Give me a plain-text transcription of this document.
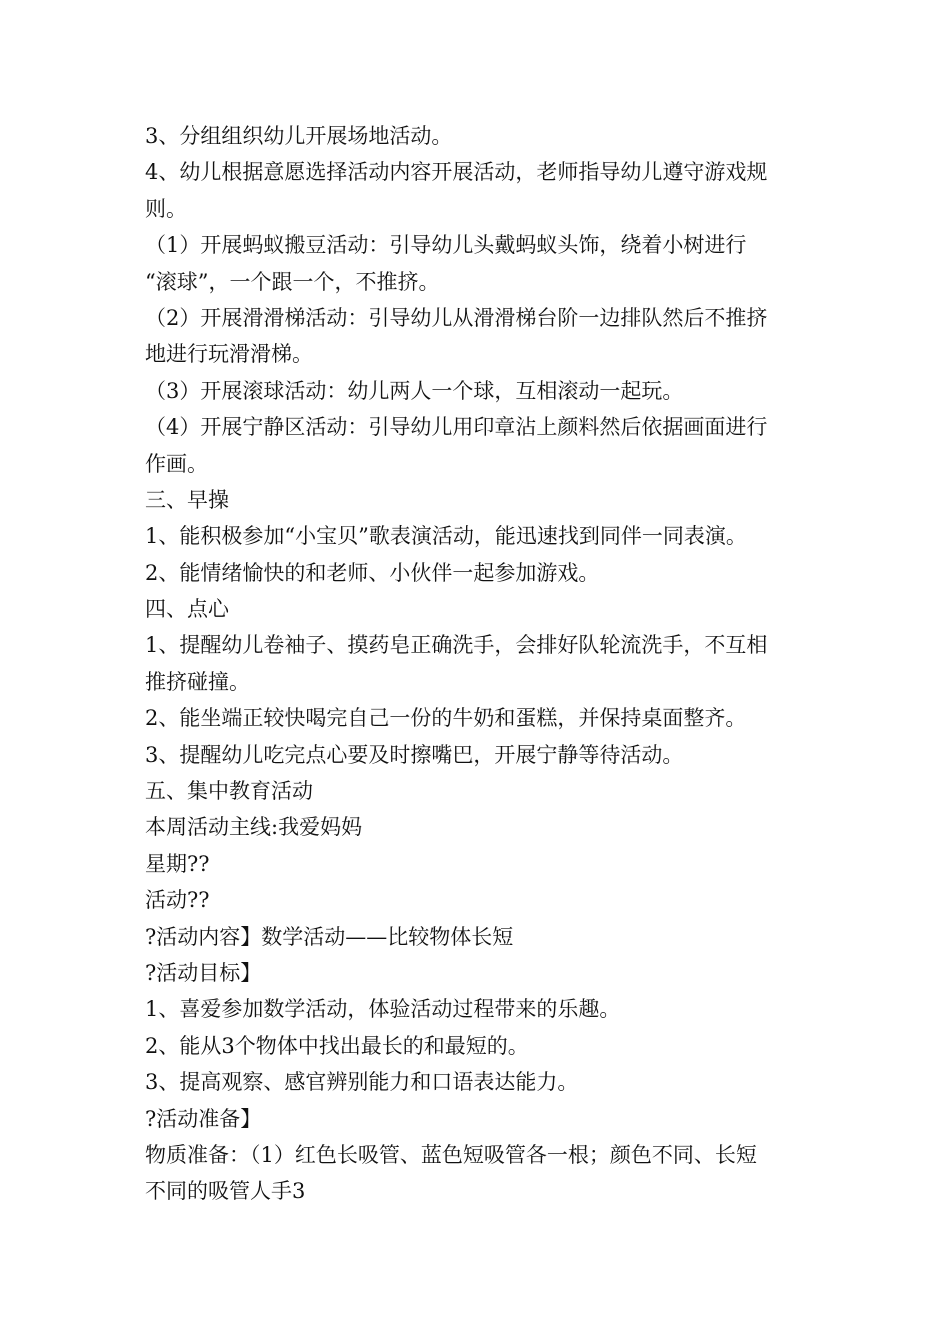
3、分组组织幼儿开展场地活动。
4、幼儿根据意愿选择活动内容开展活动，老师指导幼儿遵守游戏规
则。
（1）开展蚂蚁搬豆活动：引导幼儿头戴蚂蚁头饰，绕着小树进行
“滚球”，一个跟一个，不推挤。
（2）开展滑滑梯活动：引导幼儿从滑滑梯台阶一边排队然后不推挤
地进行玩滑滑梯。
（3）开展滚球活动：幼儿两人一个球，互相滚动一起玩。
（4）开展宁静区活动：引导幼儿用印章沾上颜料然后依据画面进行
作画。
三、早操
1、能积极参加“小宝贝”歌表演活动，能迅速找到同伴一同表演。
2、能情绪愉快的和老师、小伙伴一起参加游戏。
四、点心
1、提醒幼儿卷袖子、摸药皂正确洗手，会排好队轮流洗手，不互相
推挤碰撞。
2、能坐端正较快喝完自己一份的牛奶和蛋糕，并保持桌面整齐。
3、提醒幼儿吃完点心要及时擦嘴巴，开展宁静等待活动。
五、集中教育活动
本周活动主线:我爱妈妈
星期??
活动??
?活动内容】数学活动——比较物体长短
?活动目标】
1、喜爱参加数学活动，体验活动过程带来的乐趣。
2、能从3个物体中找出最长的和最短的。
3、提高观察、感官辨别能力和口语表达能力。
?活动准备】
物质准备：（1）红色长吸管、蓝色短吸管各一根；颜色不同、长短
不同的吸管人手3
